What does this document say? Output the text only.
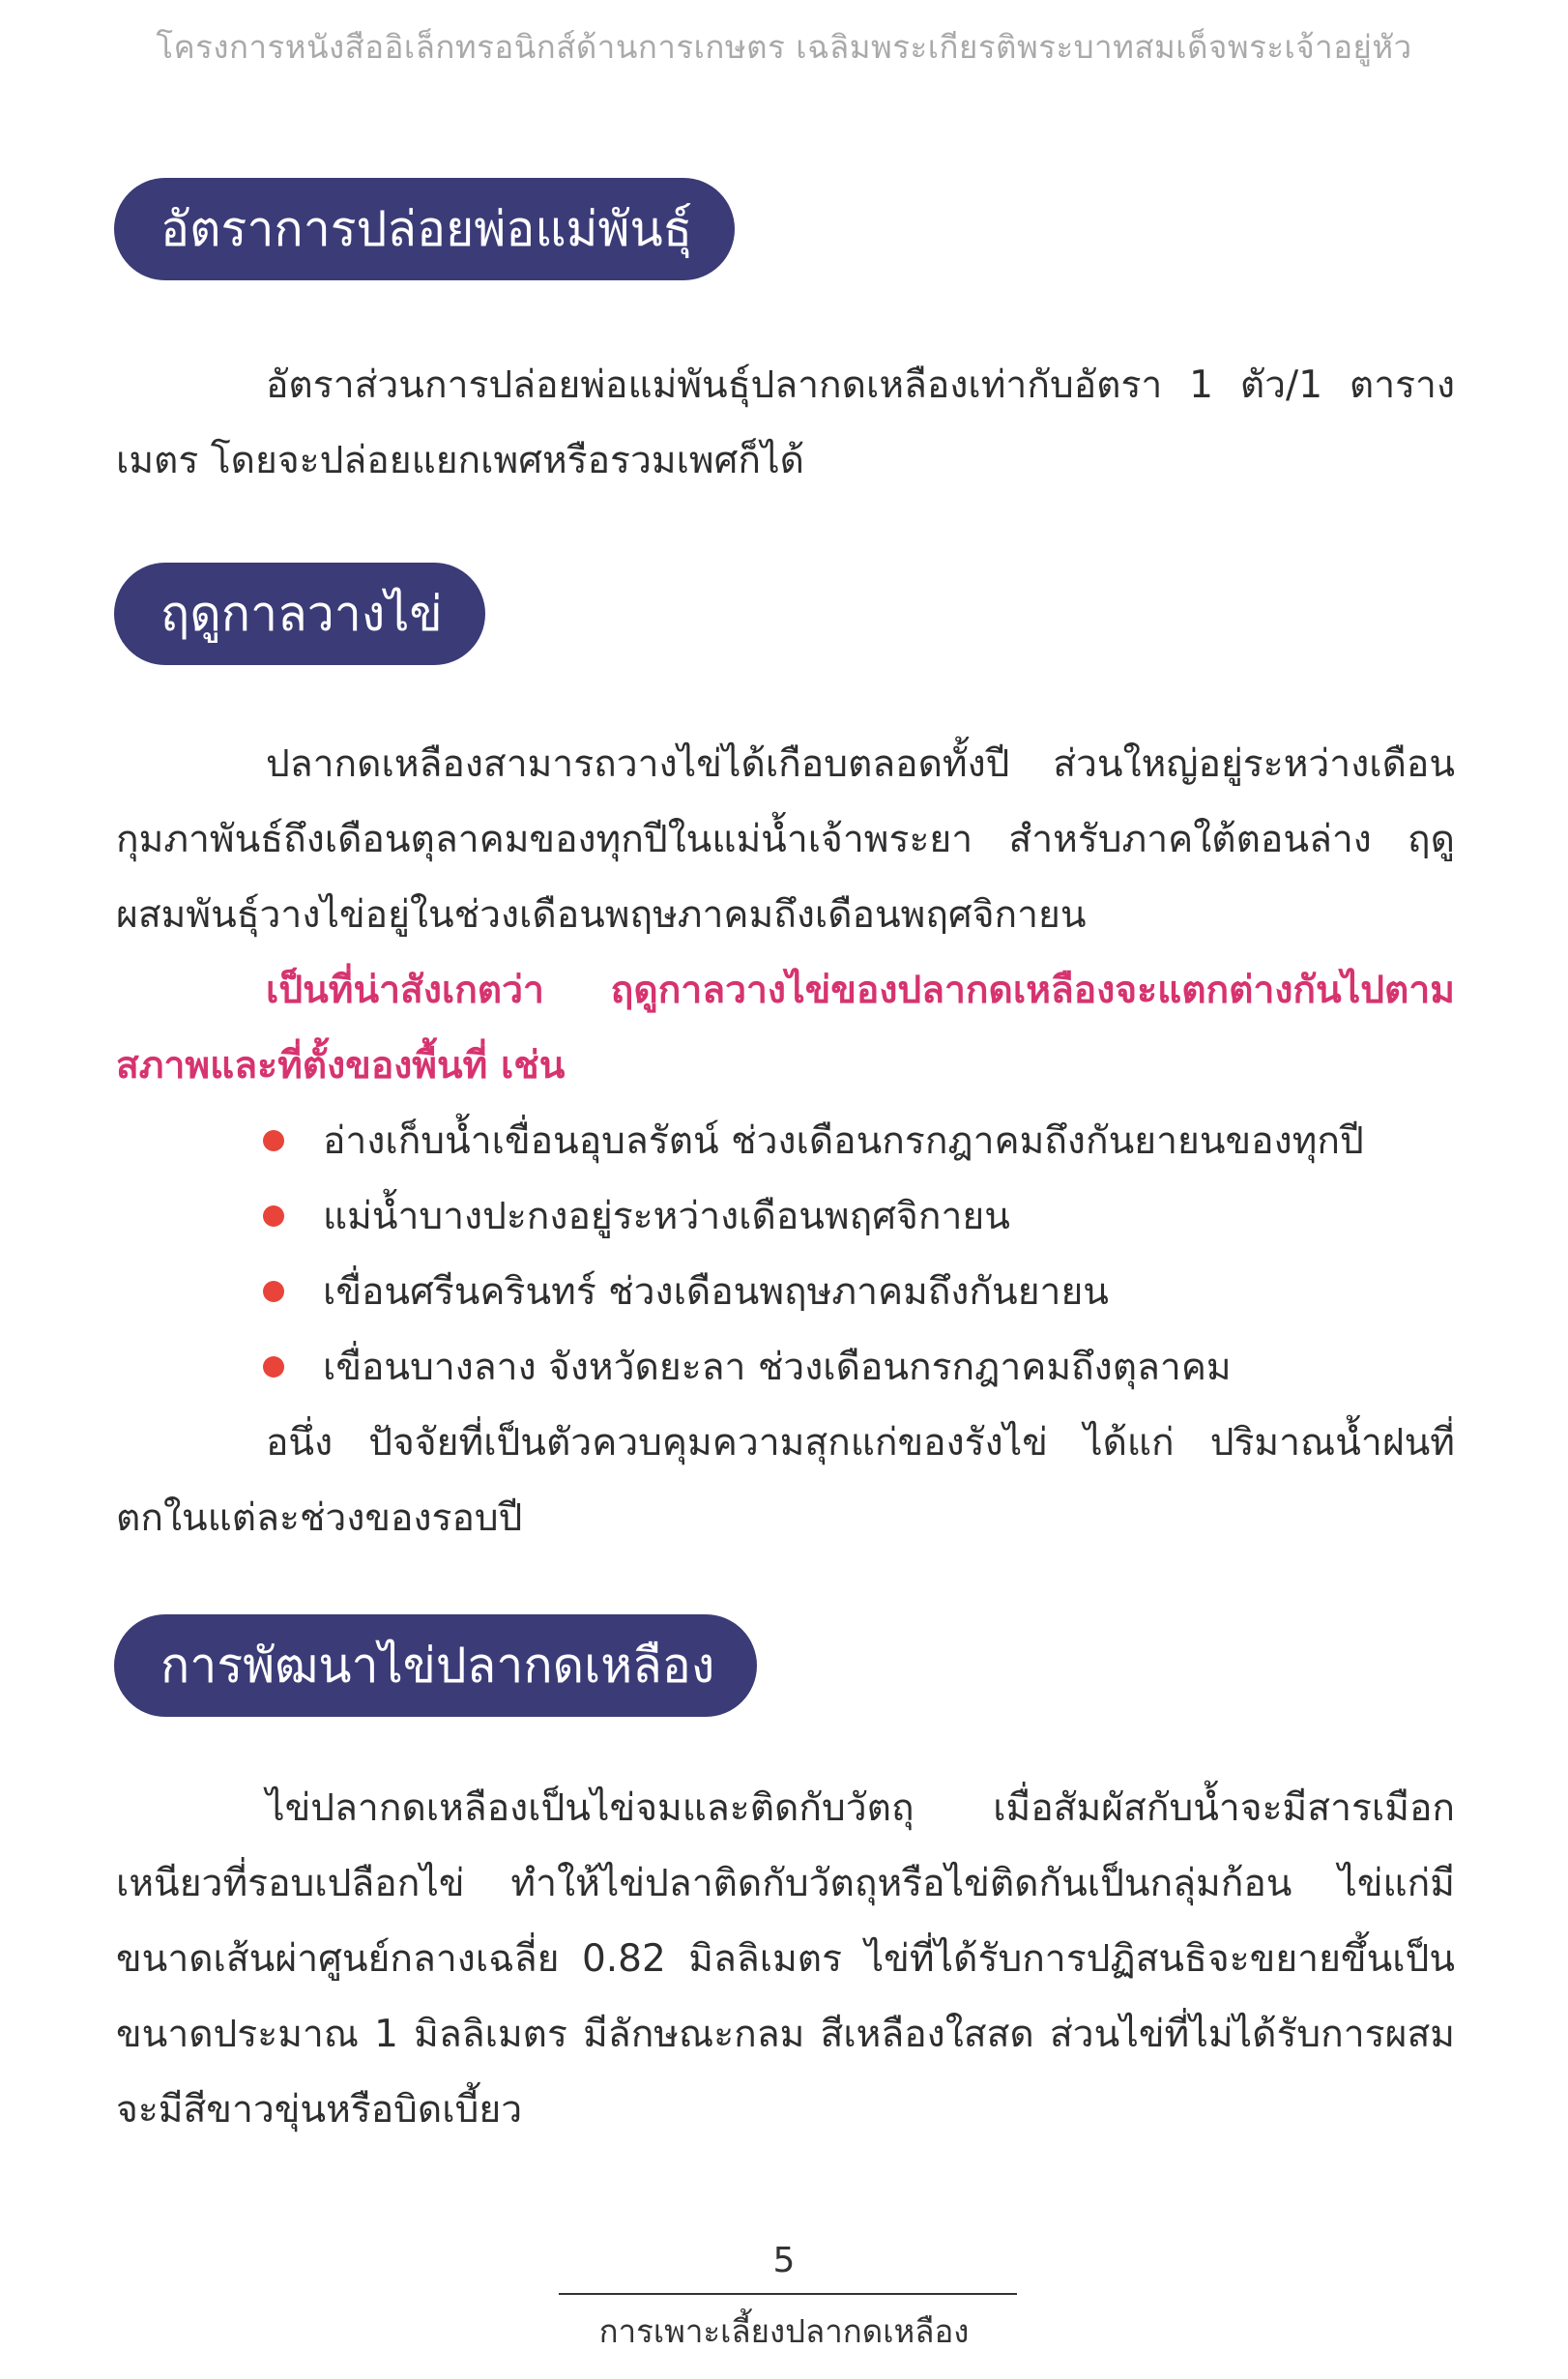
โครงการหนังสืออิเล็กทรอนิกส์ด้านการเกษตร เฉลิมพระเกียรติพระบาทสมเด็จพระเจ้าอยู่หัว
อัตราการปล่อยพ่อแม่พันธุ์
อัตราส่วนการปล่อยพ่อแม่พันธุ์ปลากดเหลืองเท่ากับอัตรา 1 ตัว/1 ตารางเมตร โดยจะปล่อยแยกเพศหรือรวมเพศก็ได้
ฤดูกาลวางไข่
ปลากดเหลืองสามารถวางไข่ได้เกือบตลอดทั้งปี ส่วนใหญ่อยู่ระหว่างเดือนกุมภาพันธ์ถึงเดือนตุลาคมของทุกปีในแม่น้ำเจ้าพระยา สำหรับภาคใต้ตอนล่าง ฤดูผสมพันธุ์วางไข่อยู่ในช่วงเดือนพฤษภาคมถึงเดือนพฤศจิกายน
เป็นที่น่าสังเกตว่า ฤดูกาลวางไข่ของปลากดเหลืองจะแตกต่างกันไปตามสภาพและที่ตั้งของพื้นที่ เช่น
อ่างเก็บน้ำเขื่อนอุบลรัตน์ ช่วงเดือนกรกฎาคมถึงกันยายนของทุกปี
แม่น้ำบางปะกงอยู่ระหว่างเดือนพฤศจิกายน
เขื่อนศรีนครินทร์ ช่วงเดือนพฤษภาคมถึงกันยายน
เขื่อนบางลาง จังหวัดยะลา ช่วงเดือนกรกฎาคมถึงตุลาคม
อนึ่ง ปัจจัยที่เป็นตัวควบคุมความสุกแก่ของรังไข่ ได้แก่ ปริมาณน้ำฝนที่ตกในแต่ละช่วงของรอบปี
การพัฒนาไข่ปลากดเหลือง
ไข่ปลากดเหลืองเป็นไข่จมและติดกับวัตถุ เมื่อสัมผัสกับน้ำจะมีสารเมือกเหนียวที่รอบเปลือกไข่ ทำให้ไข่ปลาติดกับวัตถุหรือไข่ติดกันเป็นกลุ่มก้อน ไข่แก่มีขนาดเส้นผ่าศูนย์กลางเฉลี่ย 0.82 มิลลิเมตร ไข่ที่ได้รับการปฏิสนธิจะขยายขึ้นเป็นขนาดประมาณ 1 มิลลิเมตร มีลักษณะกลม สีเหลืองใสสด ส่วนไข่ที่ไม่ได้รับการผสมจะมีสีขาวขุ่นหรือบิดเบี้ยว
5
การเพาะเลี้ยงปลากดเหลือง
